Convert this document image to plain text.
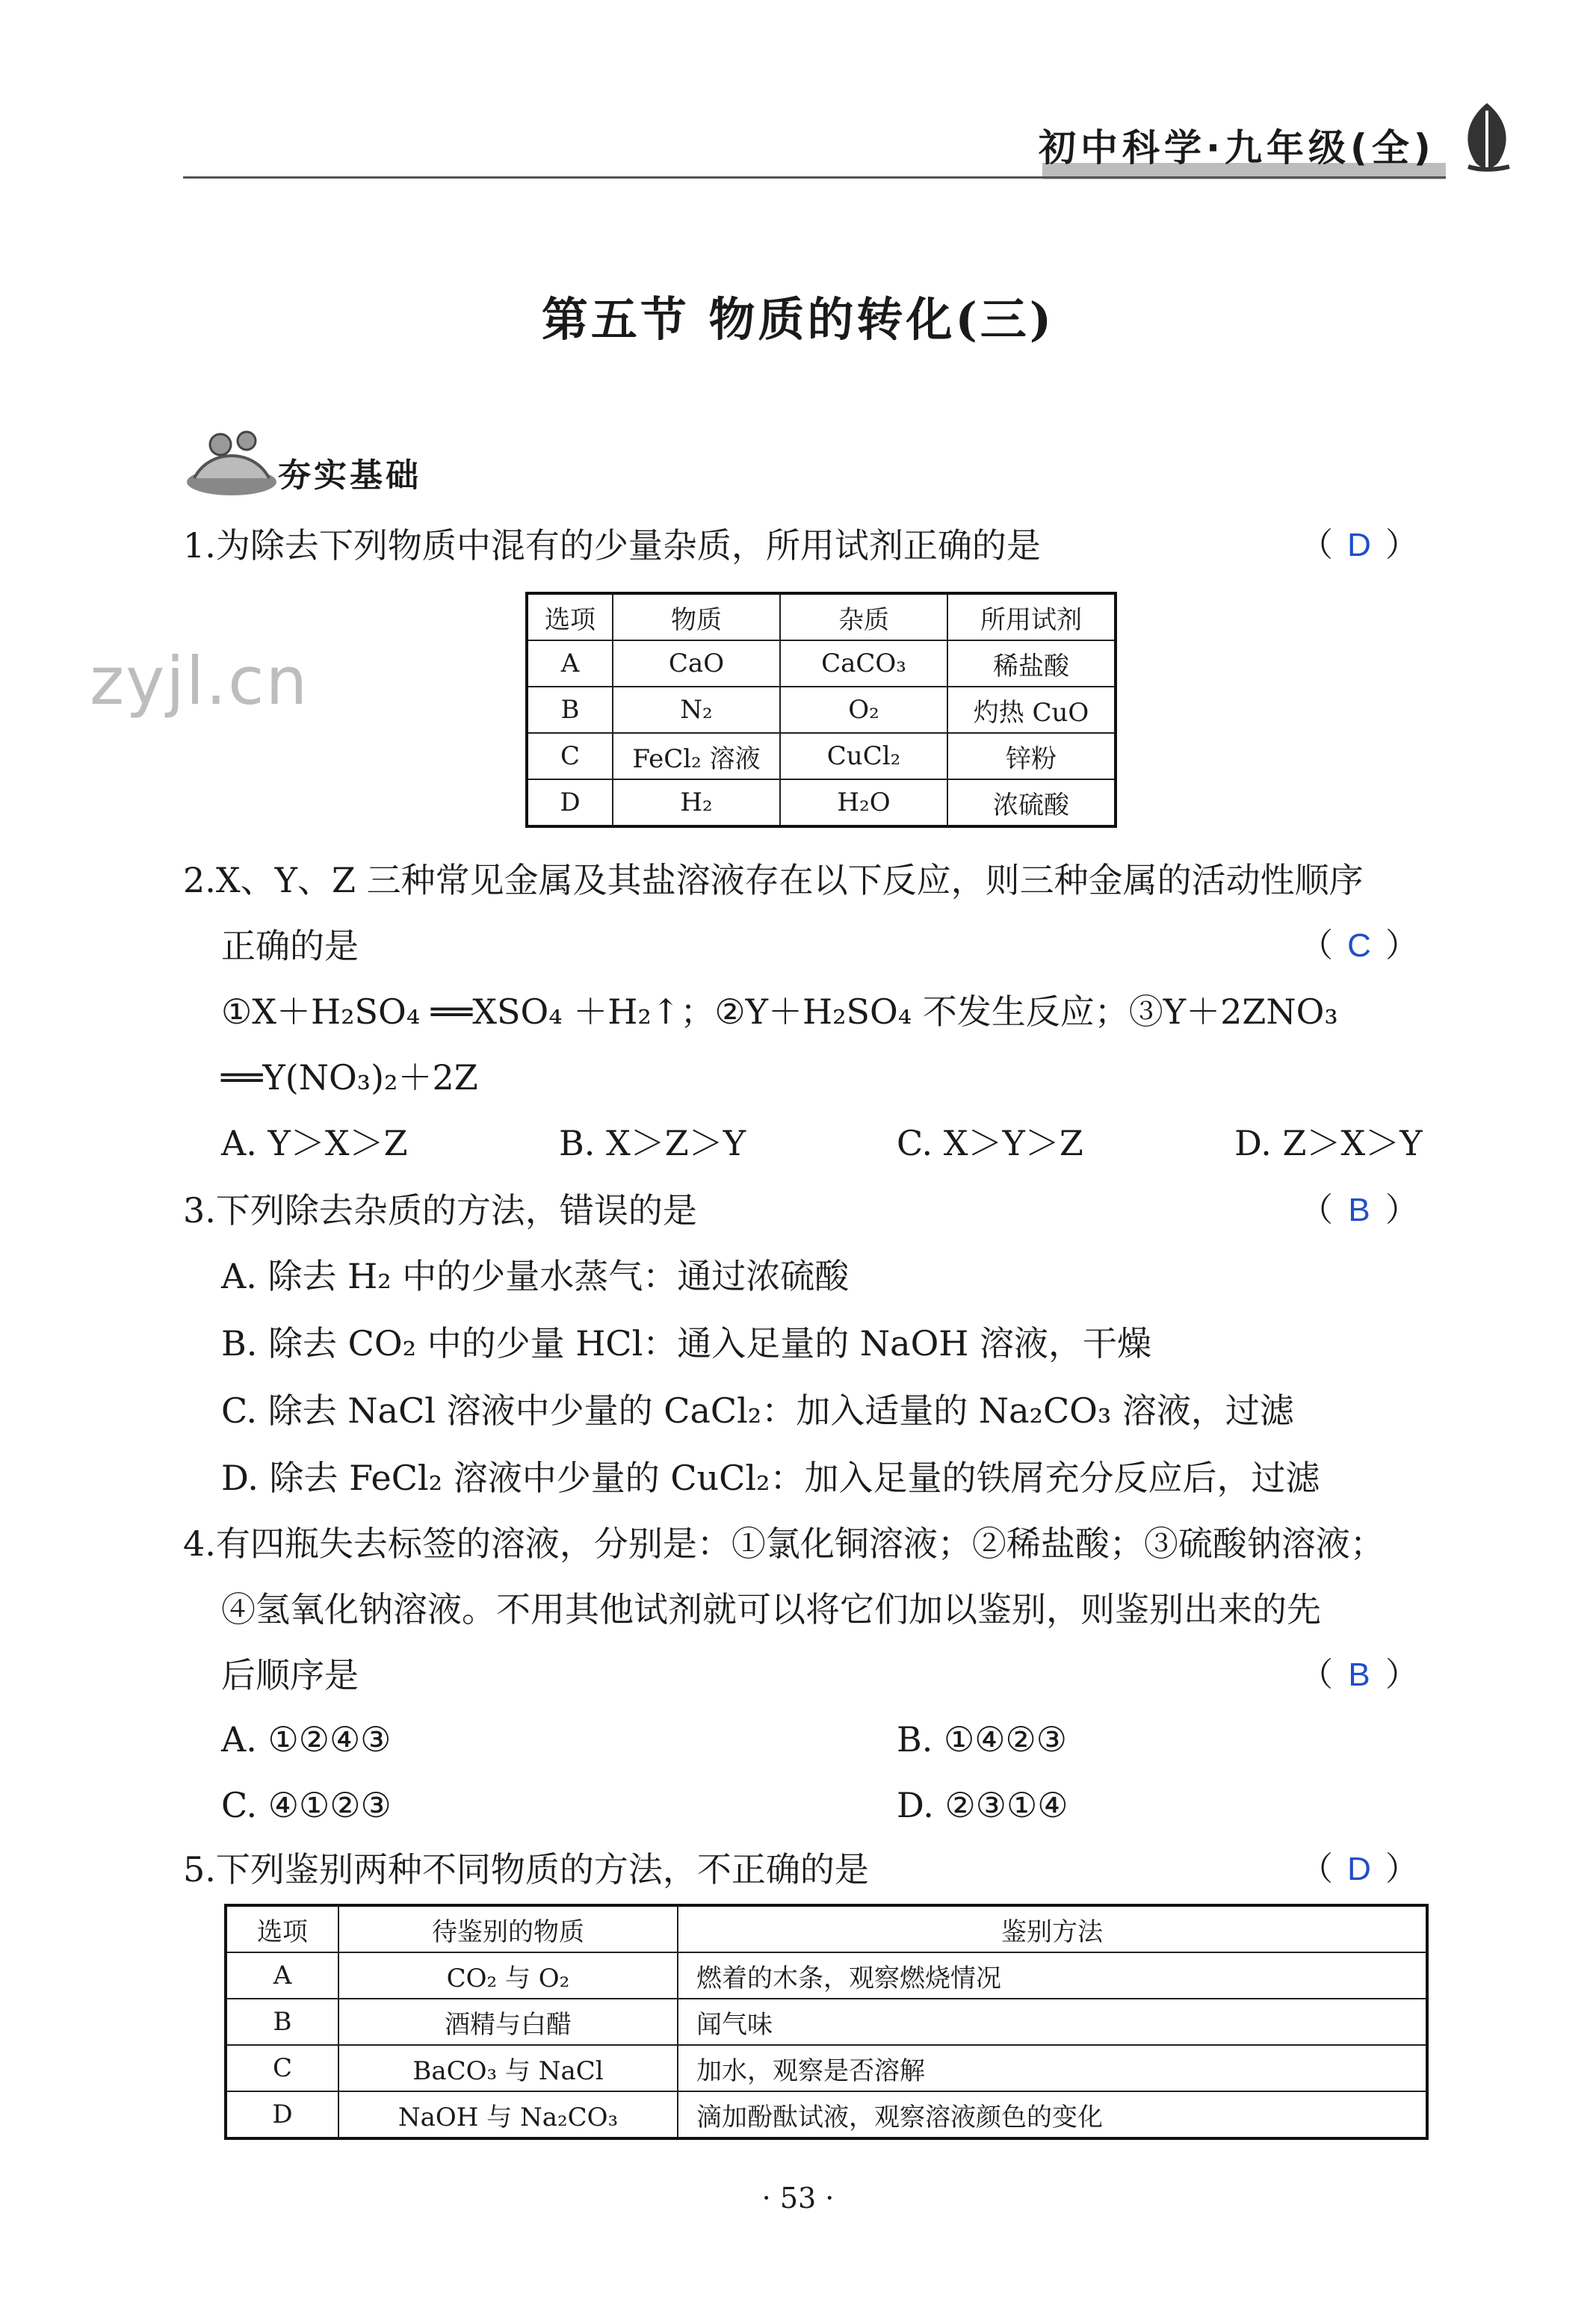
初中科学·九年级(全)
第五节 物质的转化(三)
夯实基础
zyjl.cn
1.为除去下列物质中混有的少量杂质，所用试剂正确的是	（ D ）
选项	物质	杂质	所用试剂
A	CaO	CaCO₃	稀盐酸
B	N₂	O₂	灼热 CuO
C	FeCl₂ 溶液	CuCl₂	锌粉
D	H₂	H₂O	浓硫酸
2.X、Y、Z 三种常见金属及其盐溶液存在以下反应，则三种金属的活动性顺序
正确的是	（ C ）
①X＋H₂SO₄ ══XSO₄ ＋H₂↑；②Y＋H₂SO₄ 不发生反应；③Y＋2ZNO₃
══Y(NO₃)₂＋2Z
A. Y＞X＞Z	B. X＞Z＞Y	C. X＞Y＞Z	D. Z＞X＞Y
3.下列除去杂质的方法，错误的是	（ B ）
A. 除去 H₂ 中的少量水蒸气：通过浓硫酸
B. 除去 CO₂ 中的少量 HCl：通入足量的 NaOH 溶液，干燥
C. 除去 NaCl 溶液中少量的 CaCl₂：加入适量的 Na₂CO₃ 溶液，过滤
D. 除去 FeCl₂ 溶液中少量的 CuCl₂：加入足量的铁屑充分反应后，过滤
4.有四瓶失去标签的溶液，分别是：①氯化铜溶液；②稀盐酸；③硫酸钠溶液；
④氢氧化钠溶液。不用其他试剂就可以将它们加以鉴别，则鉴别出来的先
后顺序是	（ B ）
A. ①②④③	B. ①④②③
C. ④①②③	D. ②③①④
5.下列鉴别两种不同物质的方法，不正确的是	（ D ）
选项	待鉴别的物质	鉴别方法
A	CO₂ 与 O₂	燃着的木条，观察燃烧情况
B	酒精与白醋	闻气味
C	BaCO₃ 与 NaCl	加水，观察是否溶解
D	NaOH 与 Na₂CO₃	滴加酚酞试液，观察溶液颜色的变化
· 53 ·
